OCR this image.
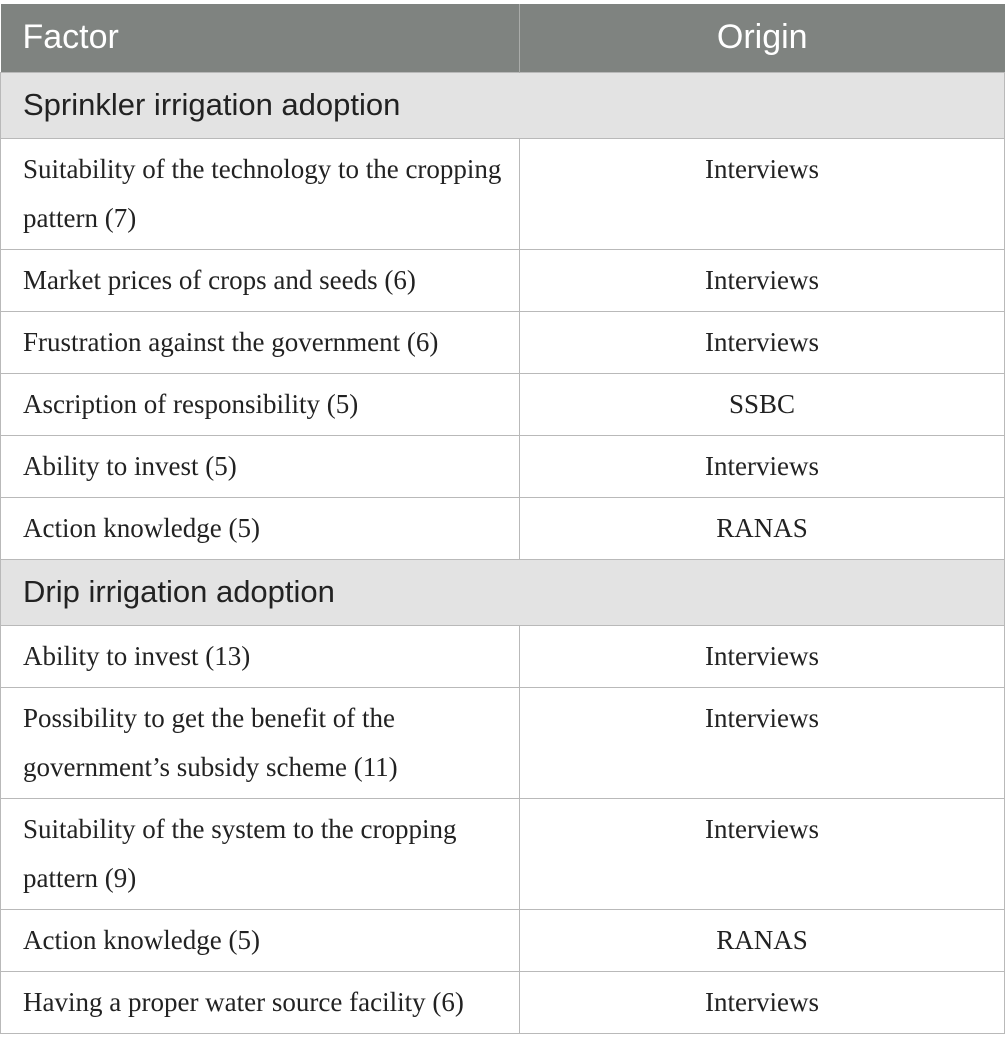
Factor	Origin
Sprinkler irrigation adoption	
Suitability of the technology to the cropping pattern (7)	Interviews
Market prices of crops and seeds (6)	Interviews
Frustration against the government (6)	Interviews
Ascription of responsibility (5)	SSBC
Ability to invest (5)	Interviews
Action knowledge (5)	RANAS
Drip irrigation adoption	
Ability to invest (13)	Interviews
Possibility to get the benefit of the government’s subsidy scheme (11)	Interviews
Suitability of the system to the cropping pattern (9)	Interviews
Action knowledge (5)	RANAS
Having a proper water source facility (6)	Interviews
